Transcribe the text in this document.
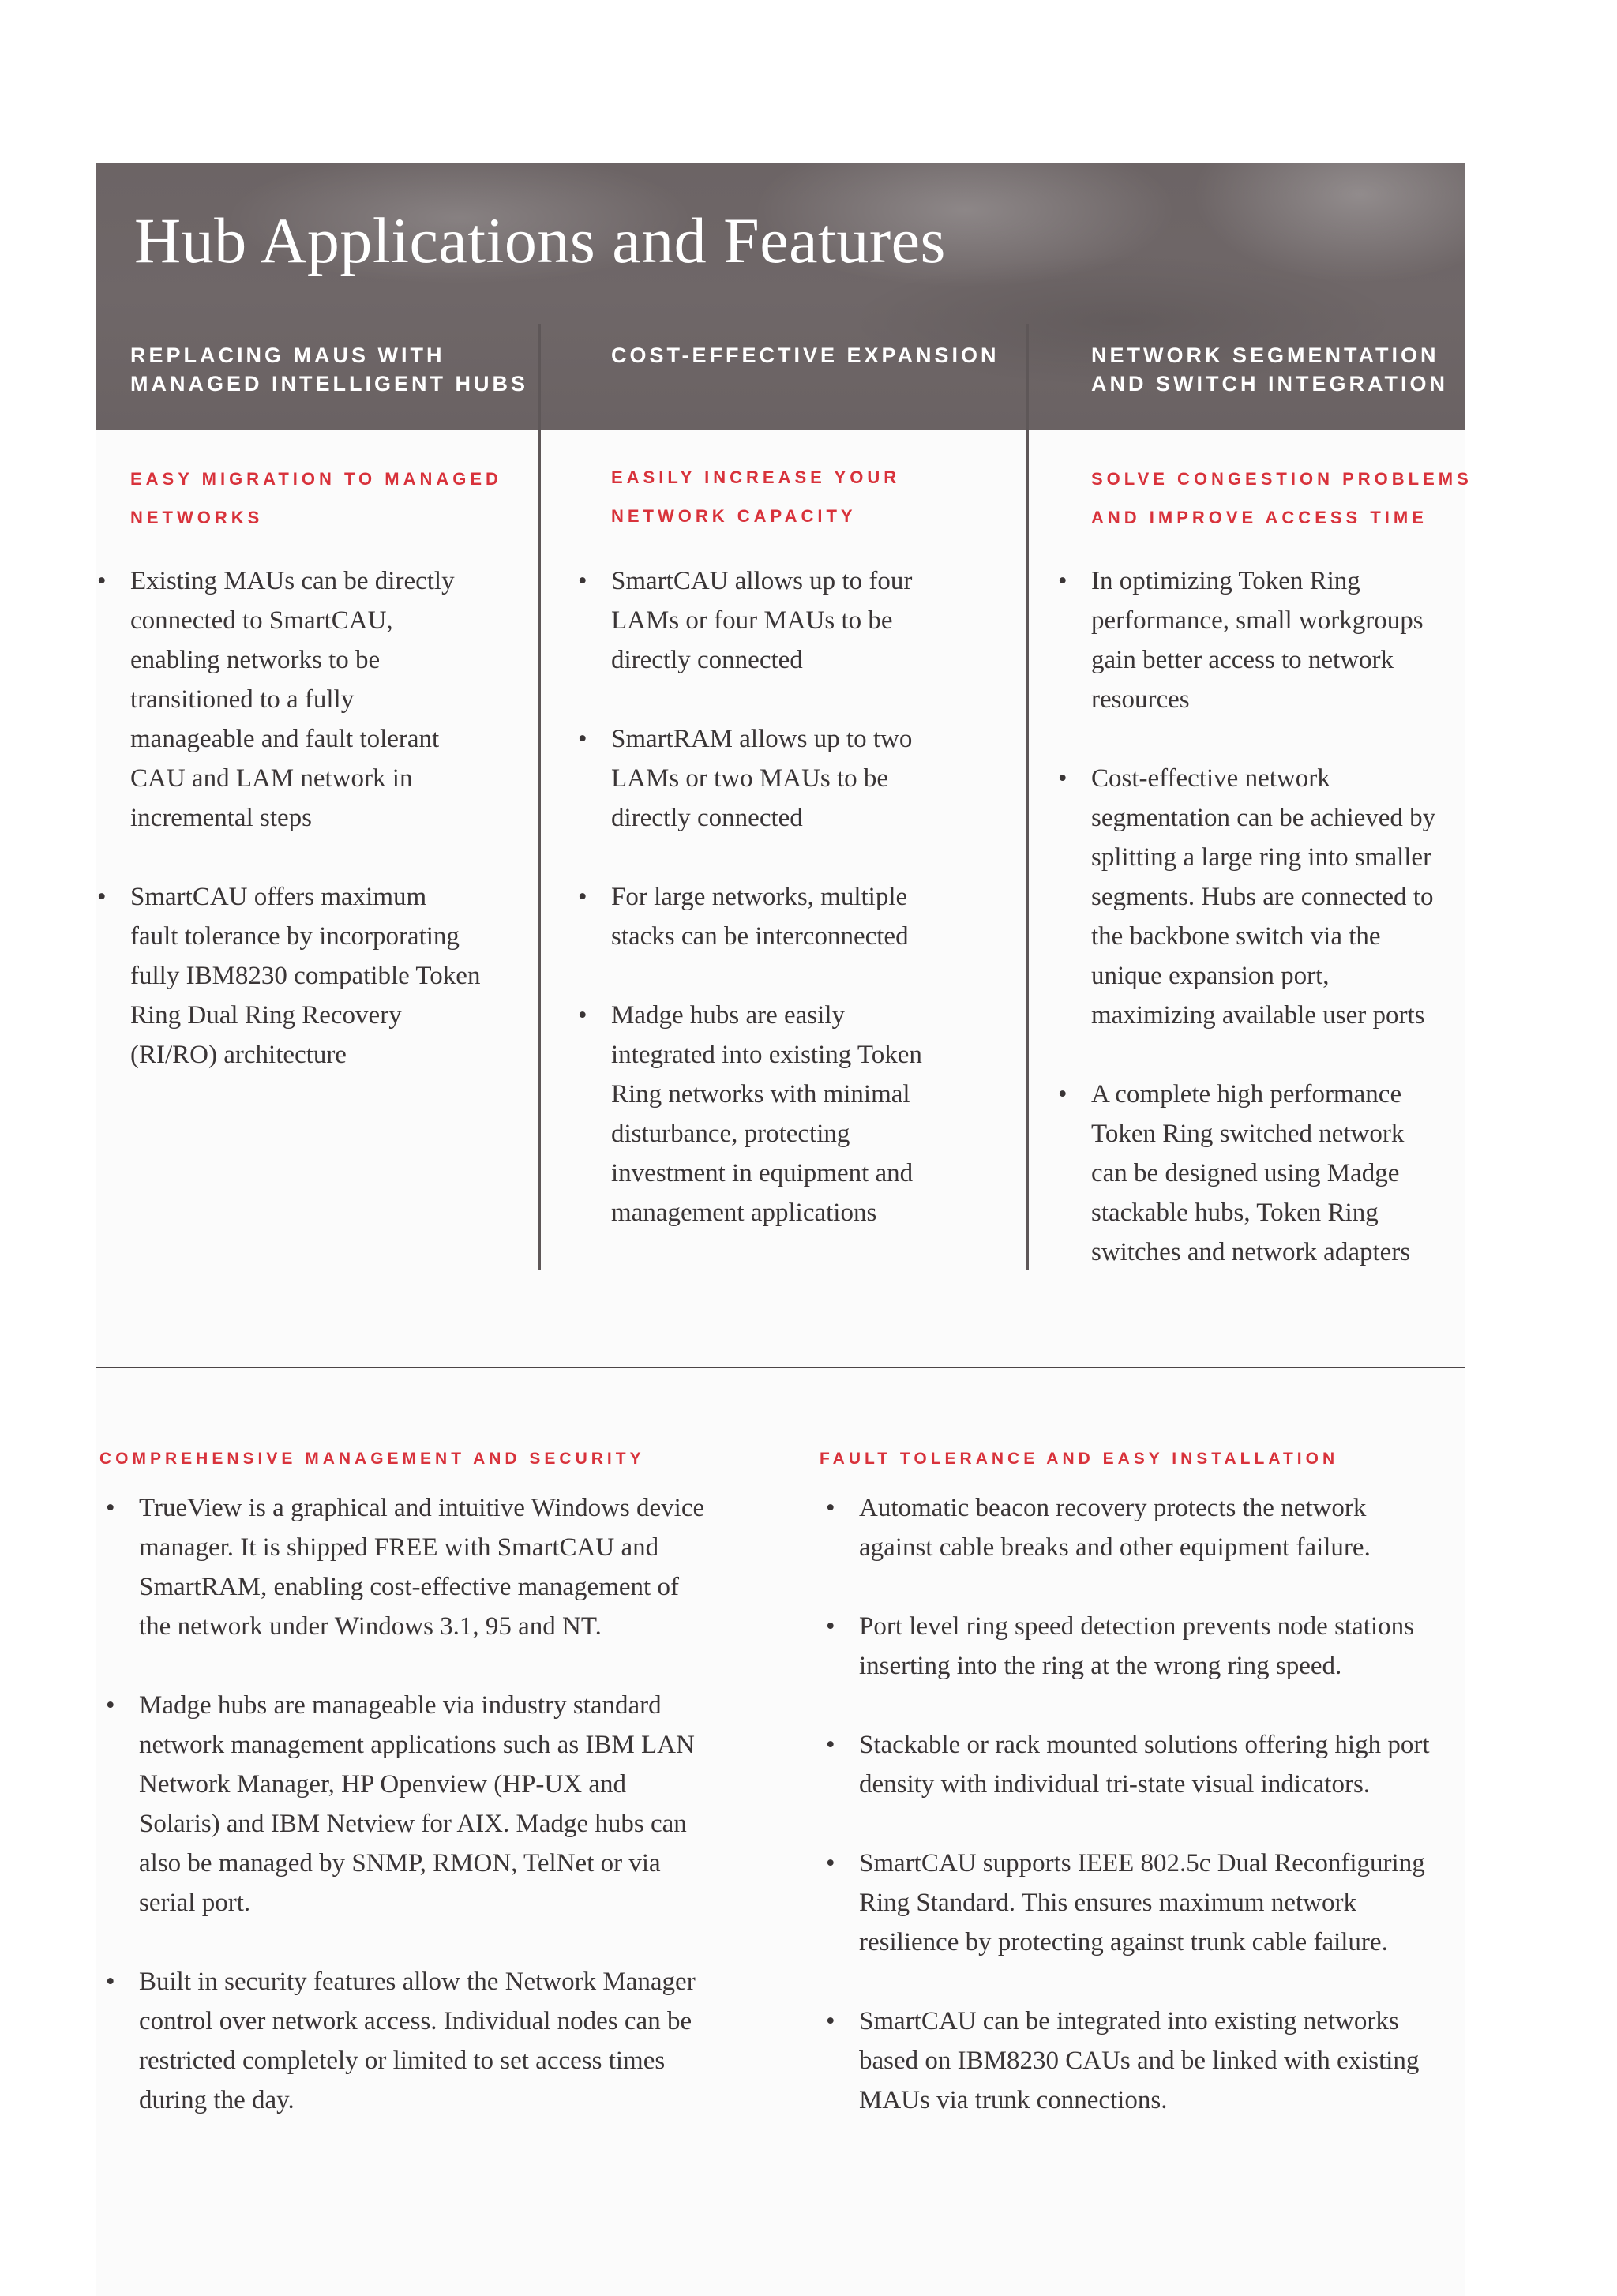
Hub Applications and Features
REPLACING MAUS WITH
MANAGED INTELLIGENT HUBS
COST-EFFECTIVE EXPANSION	NETWORK SEGMENTATION
AND SWITCH INTEGRATION
EASY MIGRATION TO MANAGED
NETWORKS
• Existing MAUs can be directly
connected to SmartCAU,
enabling networks to be
transitioned to a fully
manageable and fault tolerant
CAU and LAM network in
incremental steps
• SmartCAU offers maximum
fault tolerance by incorporating
fully IBM8230 compatible Token
Ring Dual Ring Recovery
(RI/RO) architecture
EASILY INCREASE YOUR
NETWORK CAPACITY
• SmartCAU allows up to four
LAMs or four MAUs to be
directly connected
• SmartRAM allows up to two
LAMs or two MAUs to be
directly connected
• For large networks, multiple
stacks can be interconnected
• Madge hubs are easily
integrated into existing Token
Ring networks with minimal
disturbance, protecting
investment in equipment and
management applications
SOLVE CONGESTION PROBLEMS
AND IMPROVE ACCESS TIME
• In optimizing Token Ring
performance, small workgroups
gain better access to network
resources
• Cost-effective network
segmentation can be achieved by
splitting a large ring into smaller
segments. Hubs are connected to
the backbone switch via the
unique expansion port,
maximizing available user ports
• A complete high performance
Token Ring switched network
can be designed using Madge
stackable hubs, Token Ring
switches and network adapters
COMPREHENSIVE MANAGEMENT AND SECURITY
• TrueView is a graphical and intuitive Windows device
manager. It is shipped FREE with SmartCAU and
SmartRAM, enabling cost-effective management of
the network under Windows 3.1, 95 and NT.
• Madge hubs are manageable via industry standard
network management applications such as IBM LAN
Network Manager, HP Openview (HP-UX and
Solaris) and IBM Netview for AIX. Madge hubs can
also be managed by SNMP, RMON, TelNet or via
serial port.
• Built in security features allow the Network Manager
control over network access. Individual nodes can be
restricted completely or limited to set access times
during the day.
FAULT TOLERANCE AND EASY INSTALLATION
• Automatic beacon recovery protects the network
against cable breaks and other equipment failure.
• Port level ring speed detection prevents node stations
inserting into the ring at the wrong ring speed.
• Stackable or rack mounted solutions offering high port
density with individual tri-state visual indicators.
• SmartCAU supports IEEE 802.5c Dual Reconfiguring
Ring Standard. This ensures maximum network
resilience by protecting against trunk cable failure.
• SmartCAU can be integrated into existing networks
based on IBM8230 CAUs and be linked with existing
MAUs via trunk connections.
